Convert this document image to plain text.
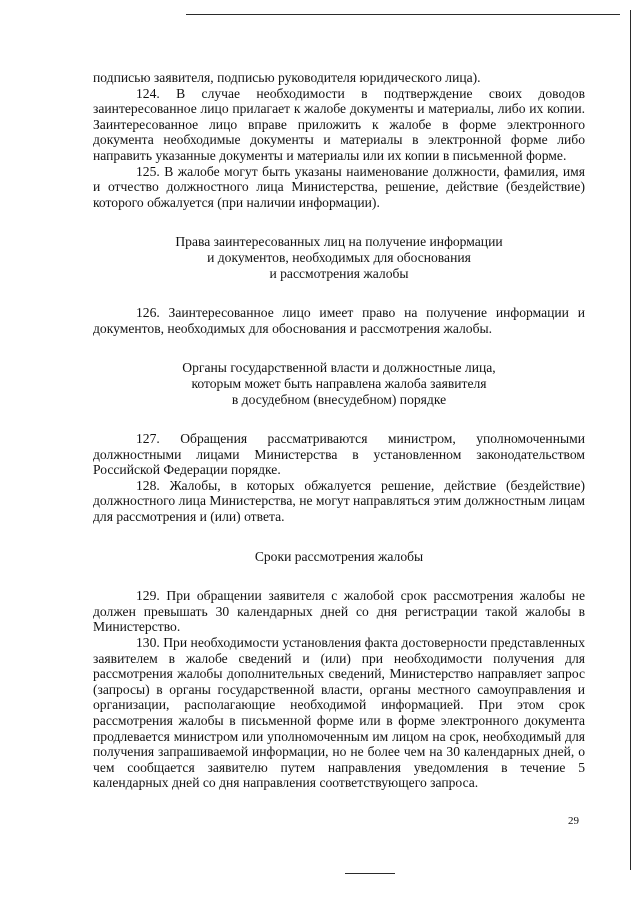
подписью заявителя, подписью руководителя юридического лица).

124. В случае необходимости в подтверждение своих доводов заинтересованное лицо прилагает к жалобе документы и материалы, либо их копии. Заинтересованное лицо вправе приложить к жалобе в форме электронного документа необходимые документы и материалы в электронной форме либо направить указанные документы и материалы или их копии в письменной форме.

125. В жалобе могут быть указаны наименование должности, фамилия, имя и отчество должностного лица Министерства, решение, действие (бездействие) которого обжалуется (при наличии информации).

Права заинтересованных лиц на получение информации
и документов, необходимых для обоснования
и рассмотрения жалобы

126. Заинтересованное лицо имеет право на получение информации и документов, необходимых для обоснования и рассмотрения жалобы.

Органы государственной власти и должностные лица,
которым может быть направлена жалоба заявителя
в досудебном (внесудебном) порядке

127. Обращения рассматриваются министром, уполномоченными должностными лицами Министерства в установленном законодательством Российской Федерации порядке.

128. Жалобы, в которых обжалуется решение, действие (бездействие) должностного лица Министерства, не могут направляться этим должностным лицам для рассмотрения и (или) ответа.

Сроки рассмотрения жалобы

129. При обращении заявителя с жалобой срок рассмотрения жалобы не должен превышать 30 календарных дней со дня регистрации такой жалобы в Министерство.

130. При необходимости установления факта достоверности представленных заявителем в жалобе сведений и (или) при необходимости получения для рассмотрения жалобы дополнительных сведений, Министерство направляет запрос (запросы) в органы государственной власти, органы местного самоуправления и организации, располагающие необходимой информацией. При этом срок рассмотрения жалобы в письменной форме или в форме электронного документа продлевается министром или уполномоченным им лицом на срок, необходимый для получения запрашиваемой информации, но не более чем на 30 календарных дней, о чем сообщается заявителю путем направления уведомления в течение 5 календарных дней со дня направления соответствующего запроса.

29
